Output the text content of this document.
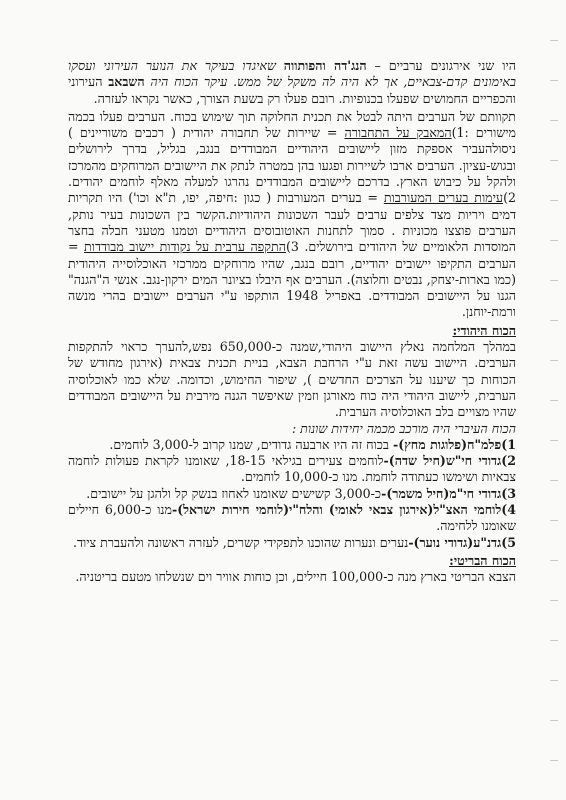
היו שני אירגונים ערביים – הנג'דה והפותווה שאיגדו בעיקר את הנוער העירוני ועסקו באימונים קדם-צבאיים, אך לא היה לה משקל של ממש. עיקר הכוח היה השבאב העירוני והכפריים החמושים שפעלו בכנופיות. רובם פעלו רק בשעת הצורך, כאשר נקראו לעזרה.

תקוותם של הערבים היתה לבטל את תכנית החלוקה תוך שימוש בכוח. הערבים פעלו בכמה מישורים :1)המאבק על התחבורה = שיירות של תחבורה יהודית ( רכבים משוריינים ) ניסולהעביר אספקת מזון ליישובים היהודיים המבודדים בנגב, בגליל, בדרך לירושלים ובגוש-עציון. הערבים ארבו לשיירות ופגעו בהן במטרה לנתק את היישובים המרוחקים מהמרכז ולהקל על כיבוש הארץ. בדרכם ליישובים המבודדים נהרגו למעלה מאלף לוחמים יהודים. 2)עימות בערים המעורבות = בערים המעורבות ( כגון :חיפה, יפו, ת"א וכו') היו תקריות דמים ויריות מצד צלפים ערבים לעבר השכונות היהודיות.הקשר בין השכונות בעיר נותק, הערבים פוצצו מכוניות . סמוך לתחנות האוטובוסים היהודיים וטמנו מטעני חבלה בחצר המוסדות הלאומיים של היהודים בירושלים. 3)התקפה ערבית על נקודות יישוב מבודדות = הערבים התקיפו יישובים יהודיים, רובם בנגב, שהיו מרוחקים ממרכזי האוכלוסייה היהודית (כמו בארות-יצחק, נבטים וחלוצה). הערבים אף היבלו בציונר המים ירקון-נגב. אנשי ה"הגנה" הגנו על היישובים המבודדים. באפריל 1948 הותקפו ע"י הערבים יישובים בהרי מנשה ורמת-יוחנן.

הכוח היהודי:

במהלך המלחמה נאלץ היישוב היהודי,שמנה כ-650,000 נפש,להערך כראוי להתקפות הערבים. היישוב עשה זאת ע"י הרחבת הצבא, בניית תכנית צבאית (אירגון מחודש של הכוחות כך שיענו על הצרכים החדשים ), שיפור החימוש, וכדומה. שלא כמו לאוכלוסיה הערבית, ליישוב היהודי היה כוח מאורגן וזמין שאיפשר הגנה מירבית על היישובים המבודדים שהיו מצויים בלב האוכלוסיה הערבית.

הכוח העיברי היה מורכב מכמה יחידות שונות :

1)פלמ"ח(פלוגות מחץ)- בכוח זה היו ארבעה גדודים, שמנו קרוב ל-3,000 לוחמים.

2)גדודי חי"ש(חיל שדה)-לוחמים צעירים בגילאי 18-15, שאומנו לקראת פעולות לוחמה צבאיות ושימשו כעתודה לוחמת. מנו כ-10,000 לוחמים.

3)גדודי חי"מ(חיל משמר)-כ-3,000 קשישים שאומנו לאחוז בנשק קל ולהגן על יישובים.

4)לוחמי האצ"ל(אירגון צבאי לאומי) והלח"י(לוחמי חירות ישראל)-מנו כ-6,000 חיילים שאומנו ללחימה.

5)גדנ"ע(גדודי נוער)-נערים ונערות שהוכנו לתפקידי קשרים, לעזרה ראשונה ולהעברת ציוד.

הכוח הבריטי:

הצבא הבריטי בארץ מנה כ-100,000 חיילים, וכן כוחות אוויר וים שנשלחו מטעם בריטניה.
